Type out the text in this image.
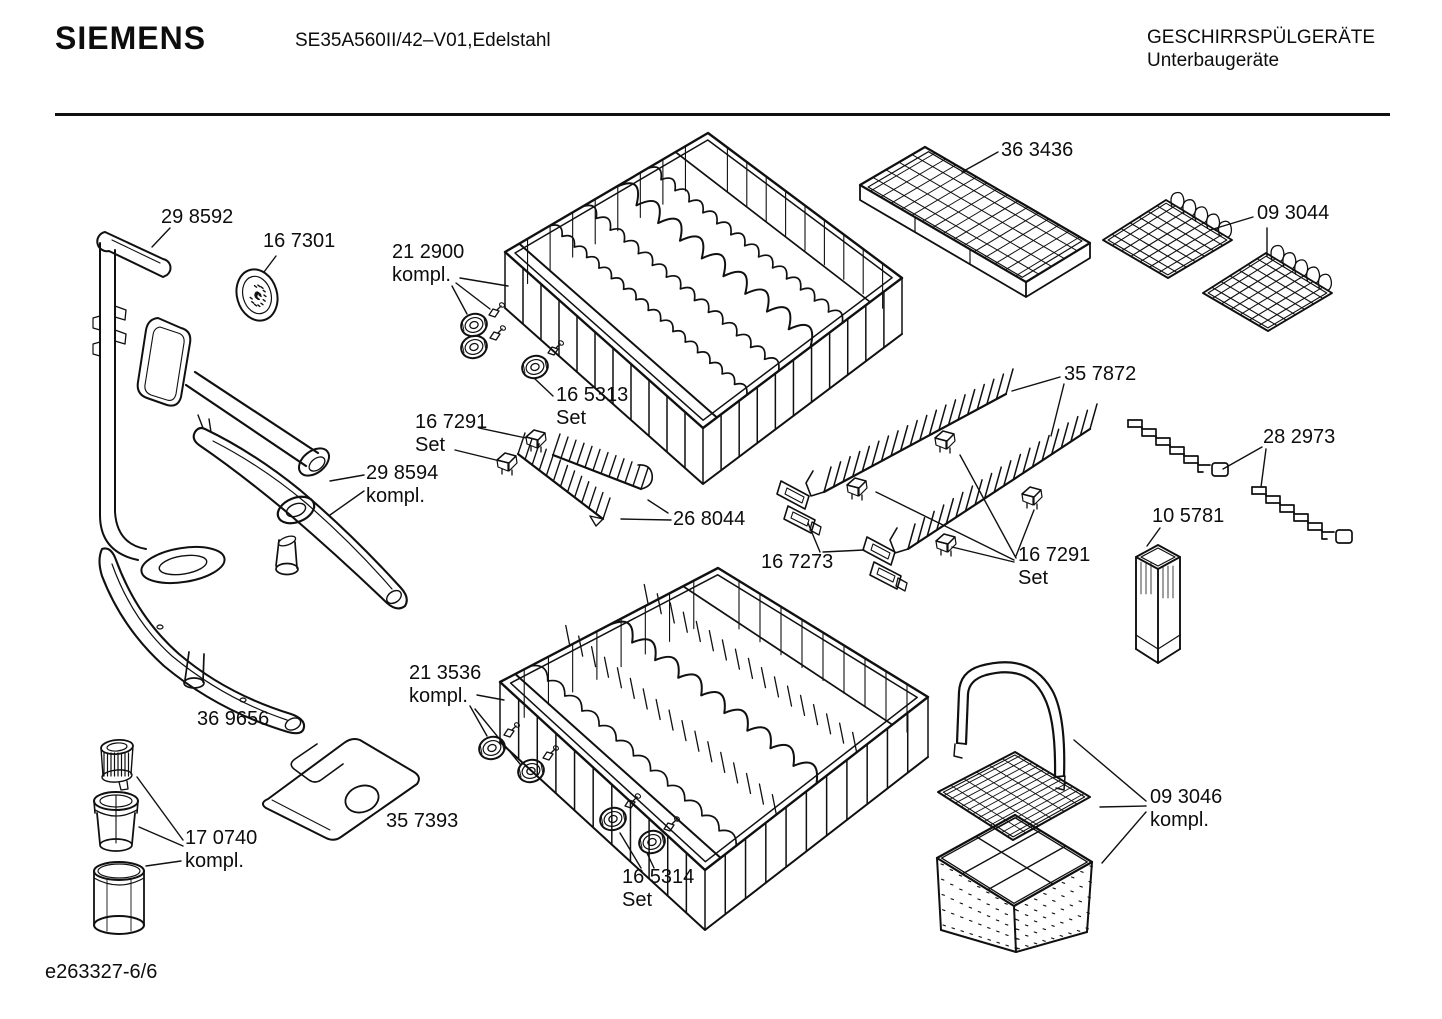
SIEMENS	SE35A560II/42–V01,Edelstahl	GESCHIRRSPÜLGERÄTE
Unterbaugeräte
29 8592
16 7301	21 2900
kompl.
36 3436
09 3044
35 7872
16 5313
Set
16 7291
Set	28 2973
29 8594
kompl.
26 8044	10 5781
16 7291
Set
16 7273
36 9656
21 3536
kompl.
35 7393
17 0740
kompl.
16 5314
Set
09 3046
kompl.
e263327-6/6
